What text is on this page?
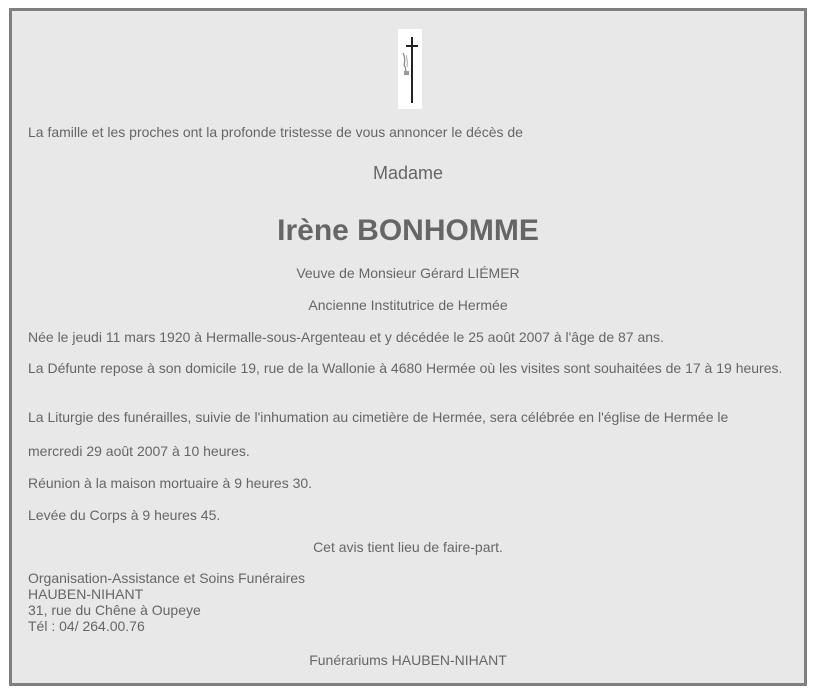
La famille et les proches ont la profonde tristesse de vous annoncer le décès de

Madame

Irène BONHOMME

Veuve de Monsieur Gérard LIÉMER

Ancienne Institutrice de Hermée

Née le jeudi 11 mars 1920 à Hermalle-sous-Argenteau et y décédée le 25 août 2007 à l'âge de 87 ans.

La Défunte repose à son domicile 19, rue de la Wallonie à 4680 Hermée où les visites sont souhaitées de 17 à 19 heures.

La Liturgie des funérailles, suivie de l'inhumation au cimetière de Hermée, sera célébrée en l'église de Hermée le

mercredi 29 août 2007 à 10 heures.

Réunion à la maison mortuaire à 9 heures 30.

Levée du Corps à 9 heures 45.

Cet avis tient lieu de faire-part.

Organisation-Assistance et Soins Funéraires
HAUBEN-NIHANT
31, rue du Chêne à Oupeye
Tél : 04/ 264.00.76

Funérariums HAUBEN-NIHANT
